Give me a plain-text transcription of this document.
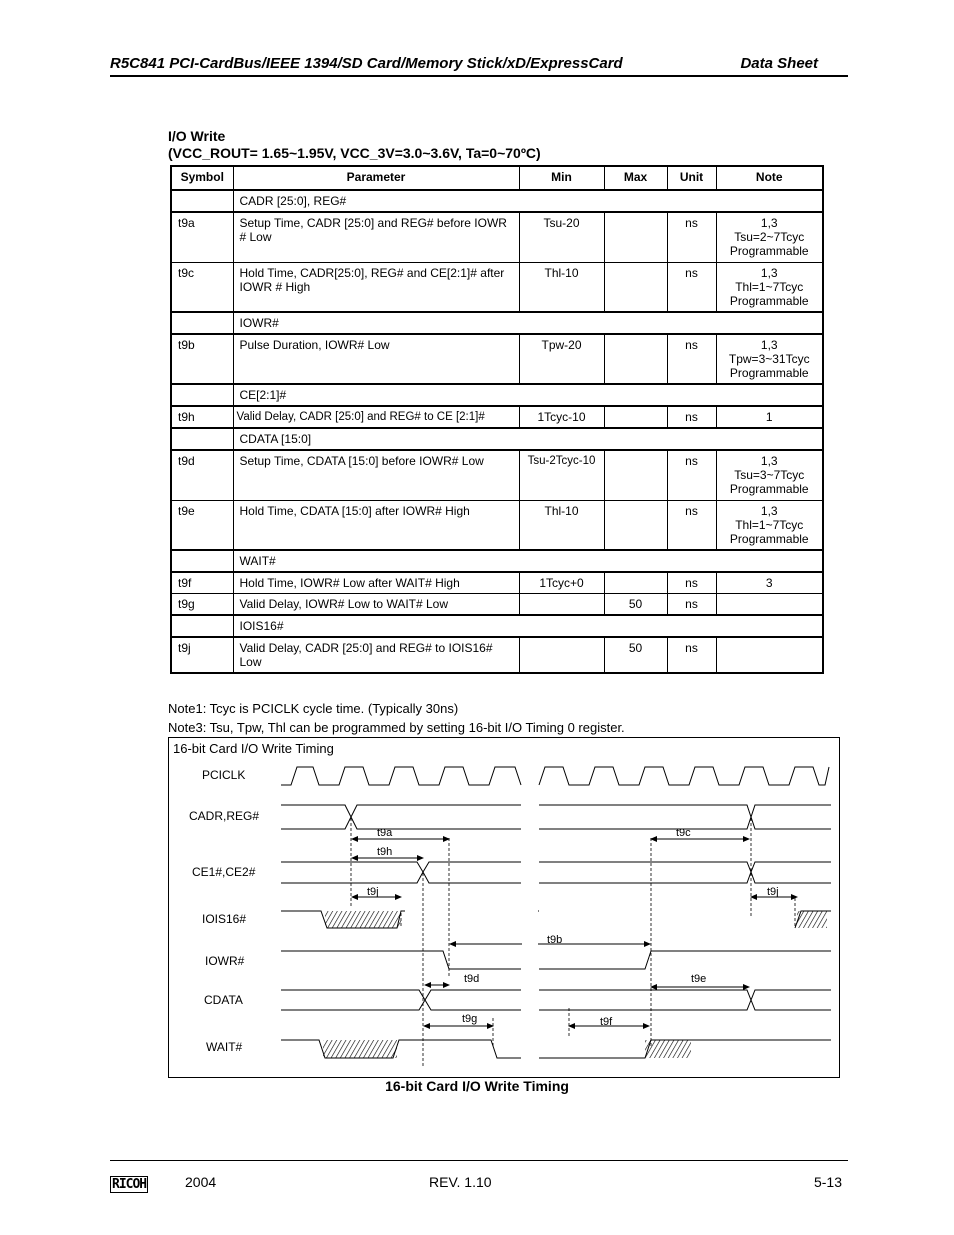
R5C841 PCI-CardBus/IEEE 1394/SD Card/Memory Stick/xD/ExpressCard	Data Sheet
I/O Write
(VCC_ROUT= 1.65~1.95V, VCC_3V=3.0~3.6V, Ta=0~70ºC)
Symbol	Parameter	Min	Max	Unit	Note
	CADR [25:0], REG#				
t9a	Setup Time, CADR [25:0] and REG# before IOWR # Low	Tsu-20		ns	1,3
Tsu=2~7Tcyc
Programmable

t9c	Hold Time, CADR[25:0], REG# and CE[2:1]# after IOWR # High	Thl-10		ns	1,3
Thl=1~7Tcyc
Programmable

	IOWR#				
t9b	Pulse Duration, IOWR# Low	Tpw-20		ns	1,3
Tpw=3~31Tcyc
Programmable

	CE[2:1]#				
t9h	Valid Delay, CADR [25:0] and REG# to CE [2:1]#	1Tcyc-10		ns	1
	CDATA [15:0]				
t9d	Setup Time, CDATA [15:0] before IOWR# Low	Tsu-2Tcyc-10		ns	1,3
Tsu=3~7Tcyc
Programmable

t9e	Hold Time, CDATA [15:0] after IOWR# High	Thl-10		ns	1,3
Thl=1~7Tcyc
Programmable

	WAIT#				
t9f	Hold Time, IOWR# Low after WAIT# High	1Tcyc+0		ns	3
t9g	Valid Delay, IOWR# Low to WAIT# Low		50	ns	
	IOIS16#				
t9j	Valid Delay, CADR [25:0] and REG# to IOIS16# Low		50	ns	
Note1: Tcyc is PCICLK cycle time. (Typically 30ns)
Note3: Tsu, Tpw, Thl can be programmed by setting 16-bit I/O Timing 0 register.
16-bit Card I/O Write Timing
PCICLK
CADR,REG#
CE1#,CE2#
IOIS16#
IOWR#
CDATA
WAIT#
t9a
t9h
t9c
t9j	t9j
t9b
t9d	t9e
t9g	t9f
16-bit Card I/O Write Timing
RICOH	2004	REV. 1.10	5-13
